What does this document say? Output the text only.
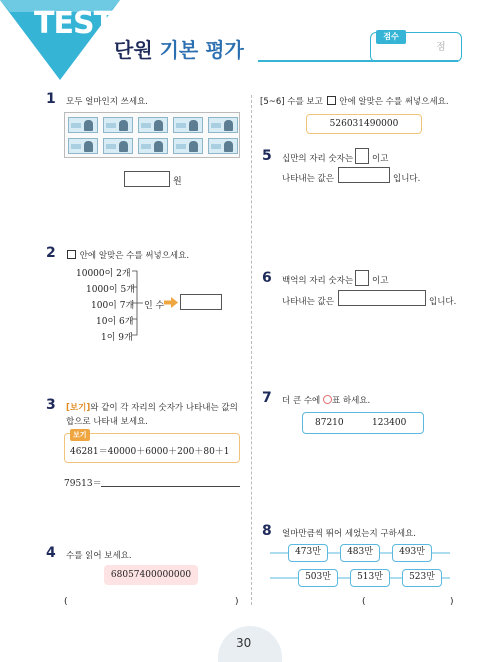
TEST
단원 기본 평가
점수
점
1 모두 얼마인지 쓰세요.
원
2	안에 알맞은 수를 써넣으세요.
10000이 2개
1000이 5개
100이 7개
10이 6개
1이 9개
인 수
3 [보기]와 같이 각 자리의 숫자가 나타내는 값의
합으로 나타내 보세요.
보기
46281＝40000＋6000＋200＋80＋1
79513＝
4 수를 읽어 보세요.
68057400000000
(	)
[5~6] 수를 보고 안에 알맞은 수를 써넣으세요.
526031490000
5 십만의 자리 숫자는 이고
나타내는 값은	입니다.
6 백억의 자리 숫자는 이고
나타내는 값은	입니다.
7 더 큰 수에 표 하세요.
87210	123400
8 얼마만큼씩 뛰어 세었는지 구하세요.
473만	483만	493만
503만	513만	523만
(	)
30
